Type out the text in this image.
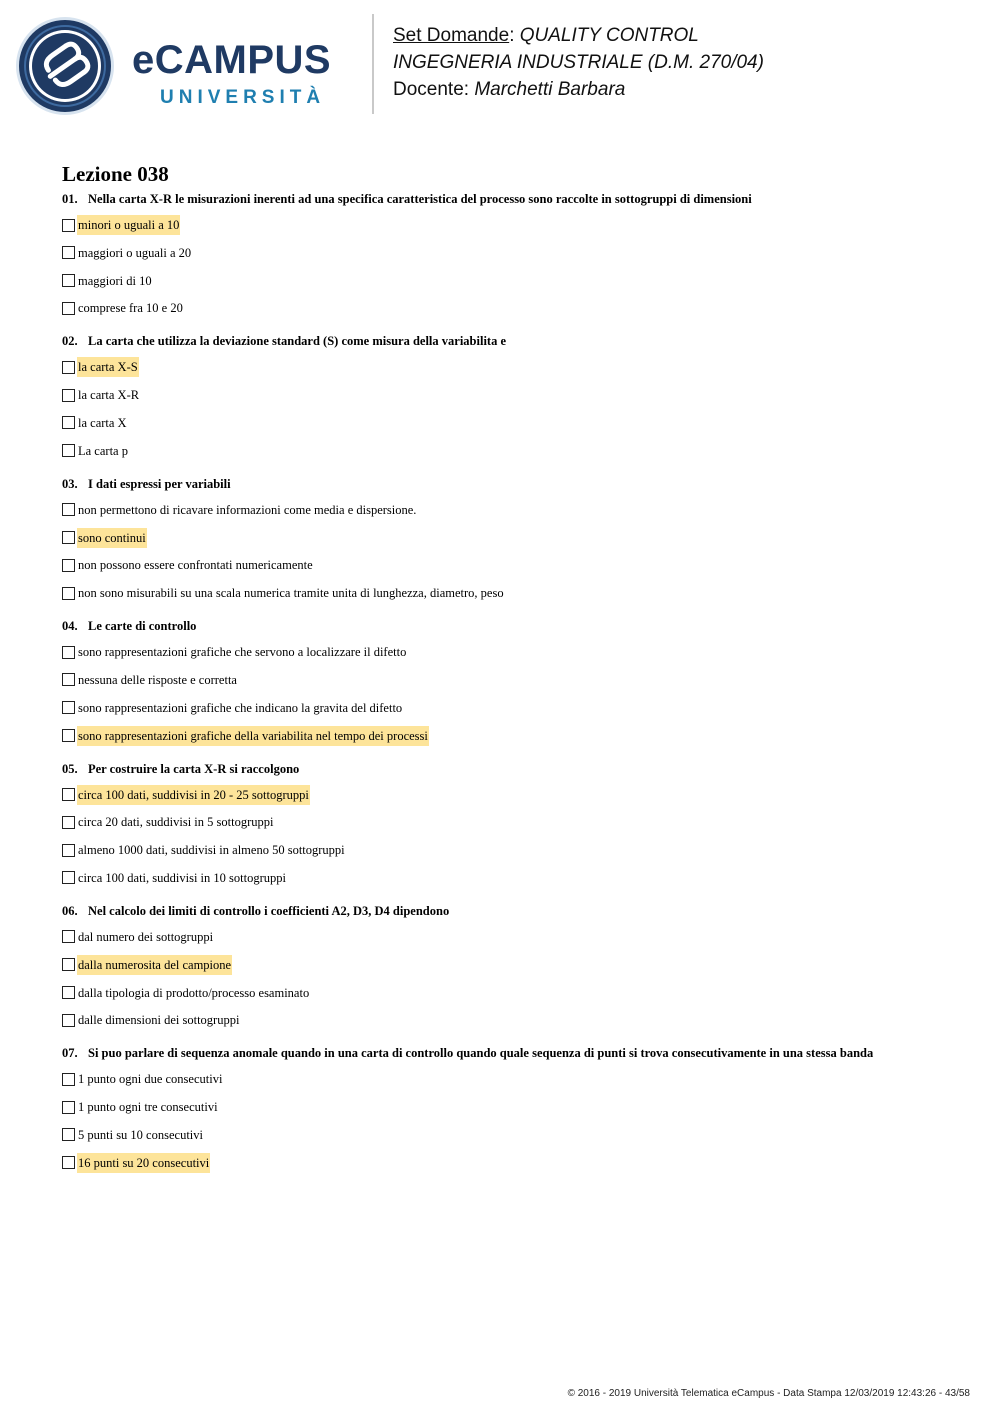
eCAMPUS
UNIVERSITÀ
Set Domande: QUALITY CONTROL
INGEGNERIA INDUSTRIALE (D.M. 270/04)
Docente: Marchetti Barbara
Lezione 038
01. Nella carta X-R le misurazioni inerenti ad una specifica caratteristica del processo sono raccolte in sottogruppi di dimensioni
minori o uguali a 10
maggiori o uguali a 20
maggiori di 10
comprese fra 10 e 20
02. La carta che utilizza la deviazione standard (S) come misura della variabilita e
la carta X-S
la carta X-R
la carta X
La carta p
03. I dati espressi per variabili
non permettono di ricavare informazioni come media e dispersione.
sono continui
non possono essere confrontati numericamente
non sono misurabili su una scala numerica tramite unita di lunghezza, diametro, peso
04. Le carte di controllo
sono rappresentazioni grafiche che servono a localizzare il difetto
nessuna delle risposte e corretta
sono rappresentazioni grafiche che indicano la gravita del difetto
sono rappresentazioni grafiche della variabilita nel tempo dei processi
05. Per costruire la carta X-R si raccolgono
circa 100 dati, suddivisi in 20 - 25 sottogruppi
circa 20 dati, suddivisi in 5 sottogruppi
almeno 1000 dati, suddivisi in almeno 50 sottogruppi
circa 100 dati, suddivisi in 10 sottogruppi
06. Nel calcolo dei limiti di controllo i coefficienti A2, D3, D4 dipendono
dal numero dei sottogruppi
dalla numerosita del campione
dalla tipologia di prodotto/processo esaminato
dalle dimensioni dei sottogruppi
07. Si puo parlare di sequenza anomale quando in una carta di controllo quando quale sequenza di punti si trova consecutivamente in una stessa banda
1 punto ogni due consecutivi
1 punto ogni tre consecutivi
5 punti su 10 consecutivi
16 punti su 20 consecutivi
© 2016 - 2019 Università Telematica eCampus - Data Stampa 12/03/2019 12:43:26 - 43/58
